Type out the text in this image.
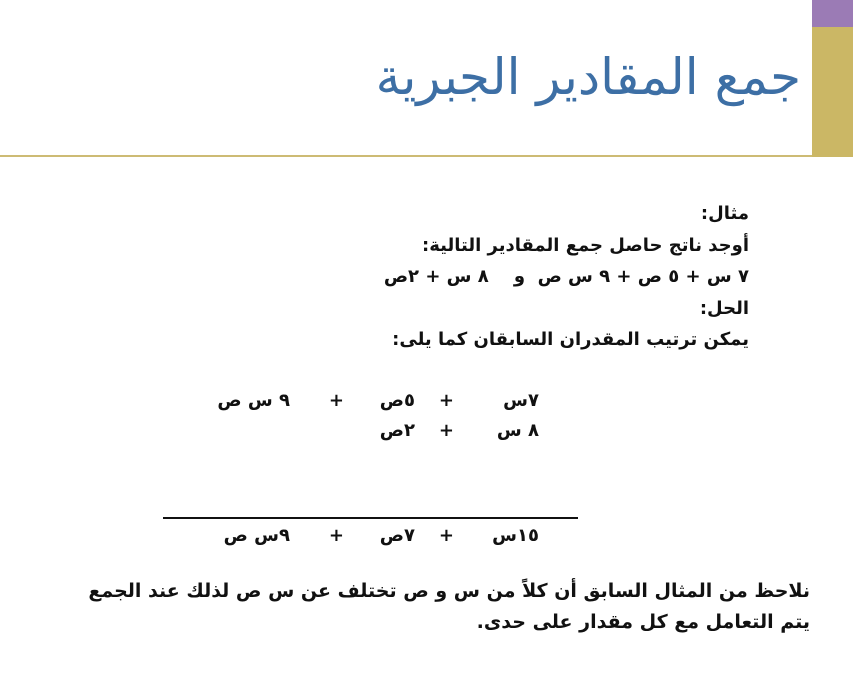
جمع المقادير الجبرية
مثال:
أوجد ناتج حاصل جمع المقادير التالية:
٧ س + ٥ ص + ٩ س ص  و    ٨ س + ٢ص
الحل:
يمكن ترتيب المقدران السابقان كما يلى:
٧س
+
٥ص
+
٩ س ص
٨ س
+
٢ص
١٥س
+
٧ص
+
٩س ص
نلاحظ من المثال السابق أن كلاً من س و ص تختلف عن س ص لذلك عند الجمع
يتم التعامل مع كل مقدار على حدى.
